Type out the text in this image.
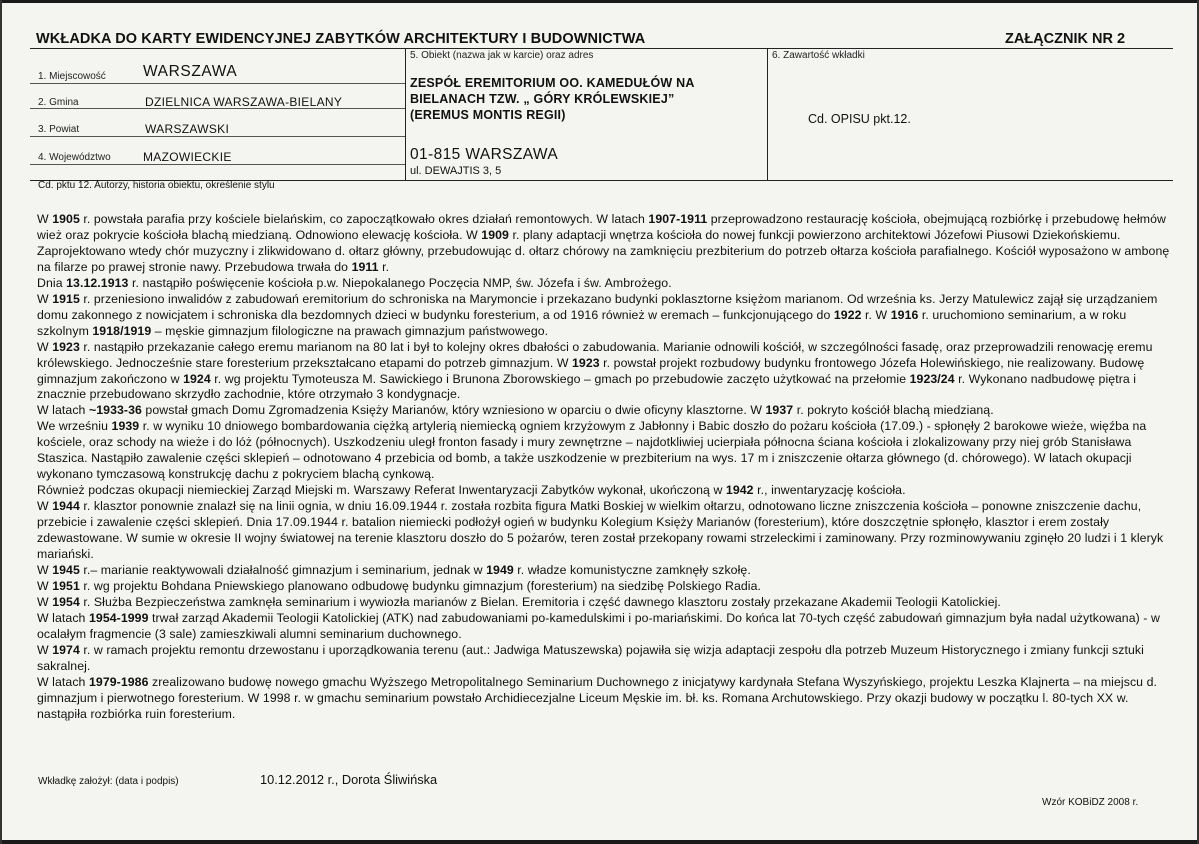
WKŁADKA DO KARTY EWIDENCYJNEJ ZABYTKÓW ARCHITEKTURY I BUDOWNICTWA	ZAŁĄCZNIK NR 2
1. Miejscowość WARSZAWA
2. Gmina	DZIELNICA WARSZAWA-BIELANY
3. Powiat	WARSZAWSKI
4. Województwo	MAZOWIECKIE
5. Obiekt (nazwa jak w karcie) oraz adres
ZESPÓŁ EREMITORIUM OO. KAMEDUŁÓW NA
BIELANACH TZW. „ GÓRY KRÓLEWSKIEJ”
(EREMUS MONTIS REGII)
01-815 WARSZAWA
ul. DEWAJTIS 3, 5
6. Zawartość wkładki
Cd. OPISU pkt.12.
Cd. pktu 12. Autorzy, historia obiektu, określenie stylu

W 1905 r. powstała parafia przy kościele bielańskim, co zapoczątkowało okres działań remontowych. W latach 1907-1911 przeprowadzono restaurację kościoła, obejmującą rozbiórkę i przebudowę hełmów wież oraz pokrycie kościoła blachą miedzianą. Odnowiono elewację kościoła. W 1909 r. plany adaptacji wnętrza kościoła do nowej funkcji powierzono architektowi Józefowi Piusowi Dziekońskiemu. Zaprojektowano wtedy chór muzyczny i zlikwidowano d. ołtarz główny, przebudowując d. ołtarz chórowy na zamknięciu prezbiterium do potrzeb ołtarza kościoła parafialnego. Kościół wyposażono w ambonę na filarze po prawej stronie nawy. Przebudowa trwała do 1911 r.

Dnia 13.12.1913 r. nastąpiło poświęcenie kościoła p.w. Niepokalanego Poczęcia NMP, św. Józefa i św. Ambrożego.

W 1915 r. przeniesiono inwalidów z zabudowań eremitorium do schroniska na Marymoncie i przekazano budynki poklasztorne księżom marianom. Od września ks. Jerzy Matulewicz zajął się urządzaniem domu zakonnego z nowicjatem i schroniska dla bezdomnych dzieci w budynku foresterium, a od 1916 również w eremach – funkcjonującego do 1922 r. W 1916 r. uruchomiono seminarium, a w roku szkolnym 1918/1919 – męskie gimnazjum filologiczne na prawach gimnazjum państwowego.

W 1923 r. nastąpiło przekazanie całego eremu marianom na 80 lat i był to kolejny okres dbałości o zabudowania. Marianie odnowili kościół, w szczególności fasadę, oraz przeprowadzili renowację eremu królewskiego. Jednocześnie stare foresterium przekształcano etapami do potrzeb gimnazjum. W 1923 r. powstał projekt rozbudowy budynku frontowego Józefa Holewińskiego, nie realizowany. Budowę gimnazjum zakończono w 1924 r. wg projektu Tymoteusza M. Sawickiego i Brunona Zborowskiego – gmach po przebudowie zaczęto użytkować na przełomie 1923/24 r. Wykonano nadbudowę piętra i znacznie przebudowano skrzydło zachodnie, które otrzymało 3 kondygnacje.

W latach ~1933-36 powstał gmach Domu Zgromadzenia Księży Marianów, który wzniesiono w oparciu o dwie oficyny klasztorne. W 1937 r. pokryto kościół blachą miedzianą.

We wrześniu 1939 r. w wyniku 10 dniowego bombardowania ciężką artylerią niemiecką ogniem krzyżowym z Jabłonny i Babic doszło do pożaru kościoła (17.09.) - spłonęły 2 barokowe wieże, więźba na kościele, oraz schody na wieże i do lóż (północnych). Uszkodzeniu uległ fronton fasady i mury zewnętrzne – najdotkliwiej ucierpiała północna ściana kościoła i zlokalizowany przy niej grób Stanisława Staszica. Nastąpiło zawalenie części sklepień – odnotowano 4 przebicia od bomb, a także uszkodzenie w prezbiterium na wys. 17 m i zniszczenie ołtarza głównego (d. chórowego). W latach okupacji wykonano tymczasową konstrukcję dachu z pokryciem blachą cynkową.

Również podczas okupacji niemieckiej Zarząd Miejski m. Warszawy Referat Inwentaryzacji Zabytków wykonał, ukończoną w 1942 r., inwentaryzację kościoła.

W 1944 r. klasztor ponownie znalazł się na linii ognia, w dniu 16.09.1944 r. została rozbita figura Matki Boskiej w wielkim ołtarzu, odnotowano liczne zniszczenia kościoła – ponowne zniszczenie dachu, przebicie i zawalenie części sklepień. Dnia 17.09.1944 r. batalion niemiecki podłożył ogień w budynku Kolegium Księży Marianów (foresterium), które doszczętnie spłonęło, klasztor i erem zostały zdewastowane. W sumie w okresie II wojny światowej na terenie klasztoru doszło do 5 pożarów, teren został przekopany rowami strzeleckimi i zaminowany. Przy rozminowywaniu zginęło 20 ludzi i 1 kleryk mariański.

W 1945 r.– marianie reaktywowali działalność gimnazjum i seminarium, jednak w 1949 r. władze komunistyczne zamknęły szkołę.

W 1951 r. wg projektu Bohdana Pniewskiego planowano odbudowę budynku gimnazjum (foresterium) na siedzibę Polskiego Radia.

W 1954 r. Służba Bezpieczeństwa zamknęła seminarium i wywiozła marianów z Bielan. Eremitoria i część dawnego klasztoru zostały przekazane Akademii Teologii Katolickiej.

W latach 1954-1999 trwał zarząd Akademii Teologii Katolickiej (ATK) nad zabudowaniami po-kamedulskimi i po-mariańskimi. Do końca lat 70-tych część zabudowań gimnazjum była nadal użytkowana) - w ocalałym fragmencie (3 sale) zamieszkiwali alumni seminarium duchownego.

W 1974 r. w ramach projektu remontu drzewostanu i uporządkowania terenu (aut.: Jadwiga Matuszewska) pojawiła się wizja adaptacji zespołu dla potrzeb Muzeum Historycznego i zmiany funkcji sztuki sakralnej.

W latach 1979-1986 zrealizowano budowę nowego gmachu Wyższego Metropolitalnego Seminarium Duchownego z inicjatywy kardynała Stefana Wyszyńskiego, projektu Leszka Klajnerta – na miejscu d. gimnazjum i pierwotnego foresterium. W 1998 r. w gmachu seminarium powstało Archidiecezjalne Liceum Męskie im. bł. ks. Romana Archutowskiego. Przy okazji budowy w początku l. 80-tych XX w. nastąpiła rozbiórka ruin foresterium.

Wkładkę założył: (data i podpis)	10.12.2012 r., Dorota Śliwińska
Wzór KOBiDZ 2008 r.
